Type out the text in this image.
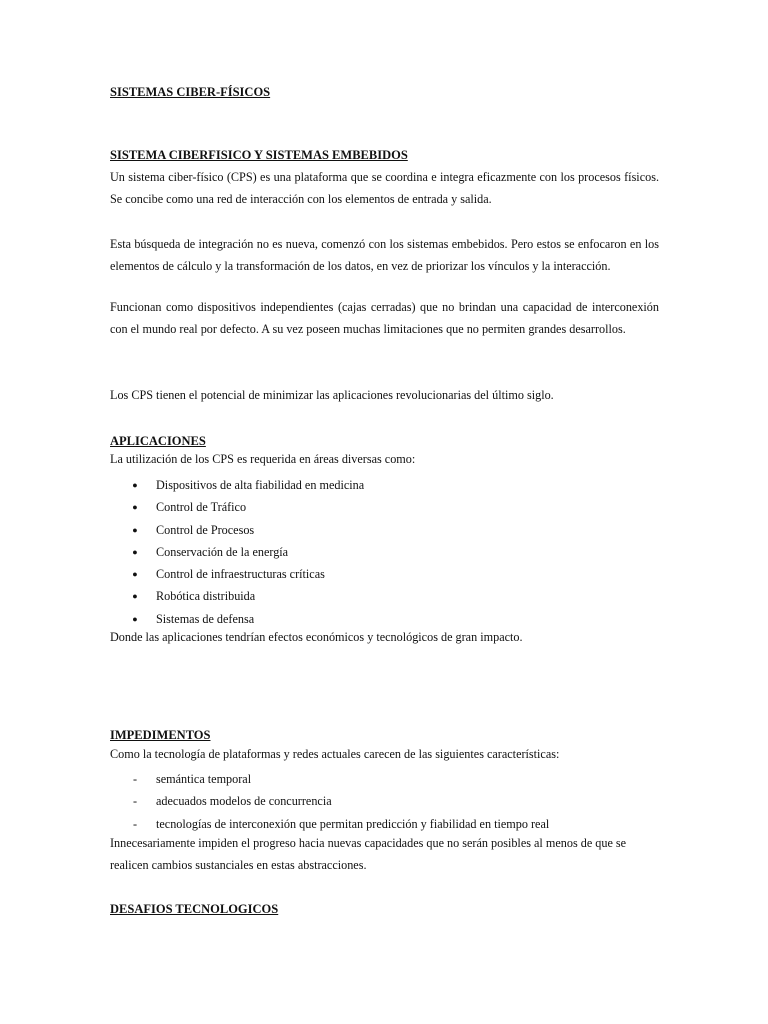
SISTEMAS CIBER-FÍSICOS
SISTEMA CIBERFISICO Y SISTEMAS EMBEBIDOS
Un sistema ciber-físico (CPS) es una plataforma que se coordina e integra eficazmente con los procesos físicos. Se concibe como una red de interacción con los elementos de entrada y salida.
Esta búsqueda de integración no es nueva, comenzó con los sistemas embebidos. Pero estos se enfocaron en los elementos de cálculo y la transformación de los datos, en vez de priorizar los vínculos y la interacción.
Funcionan como dispositivos independientes (cajas cerradas) que no brindan una capacidad de interconexión con el mundo real por defecto. A su vez poseen muchas limitaciones que no permiten grandes desarrollos.
Los CPS tienen el potencial de minimizar las aplicaciones revolucionarias del último siglo.
APLICACIONES
La utilización de los CPS es requerida en áreas diversas como:
● Dispositivos de alta fiabilidad en medicina
● Control de Tráfico
● Control de Procesos
● Conservación de la energía
● Control de infraestructuras críticas
● Robótica distribuida
● Sistemas de defensa
Donde las aplicaciones tendrían efectos económicos y tecnológicos de gran impacto.
IMPEDIMENTOS
Como la tecnología de plataformas y redes actuales carecen de las siguientes características:
- semántica temporal
- adecuados modelos de concurrencia
- tecnologías de interconexión que permitan predicción y fiabilidad en tiempo real
Innecesariamente impiden el progreso hacia nuevas capacidades que no serán posibles al menos de que se realicen cambios sustanciales en estas abstracciones.
DESAFIOS TECNOLOGICOS
